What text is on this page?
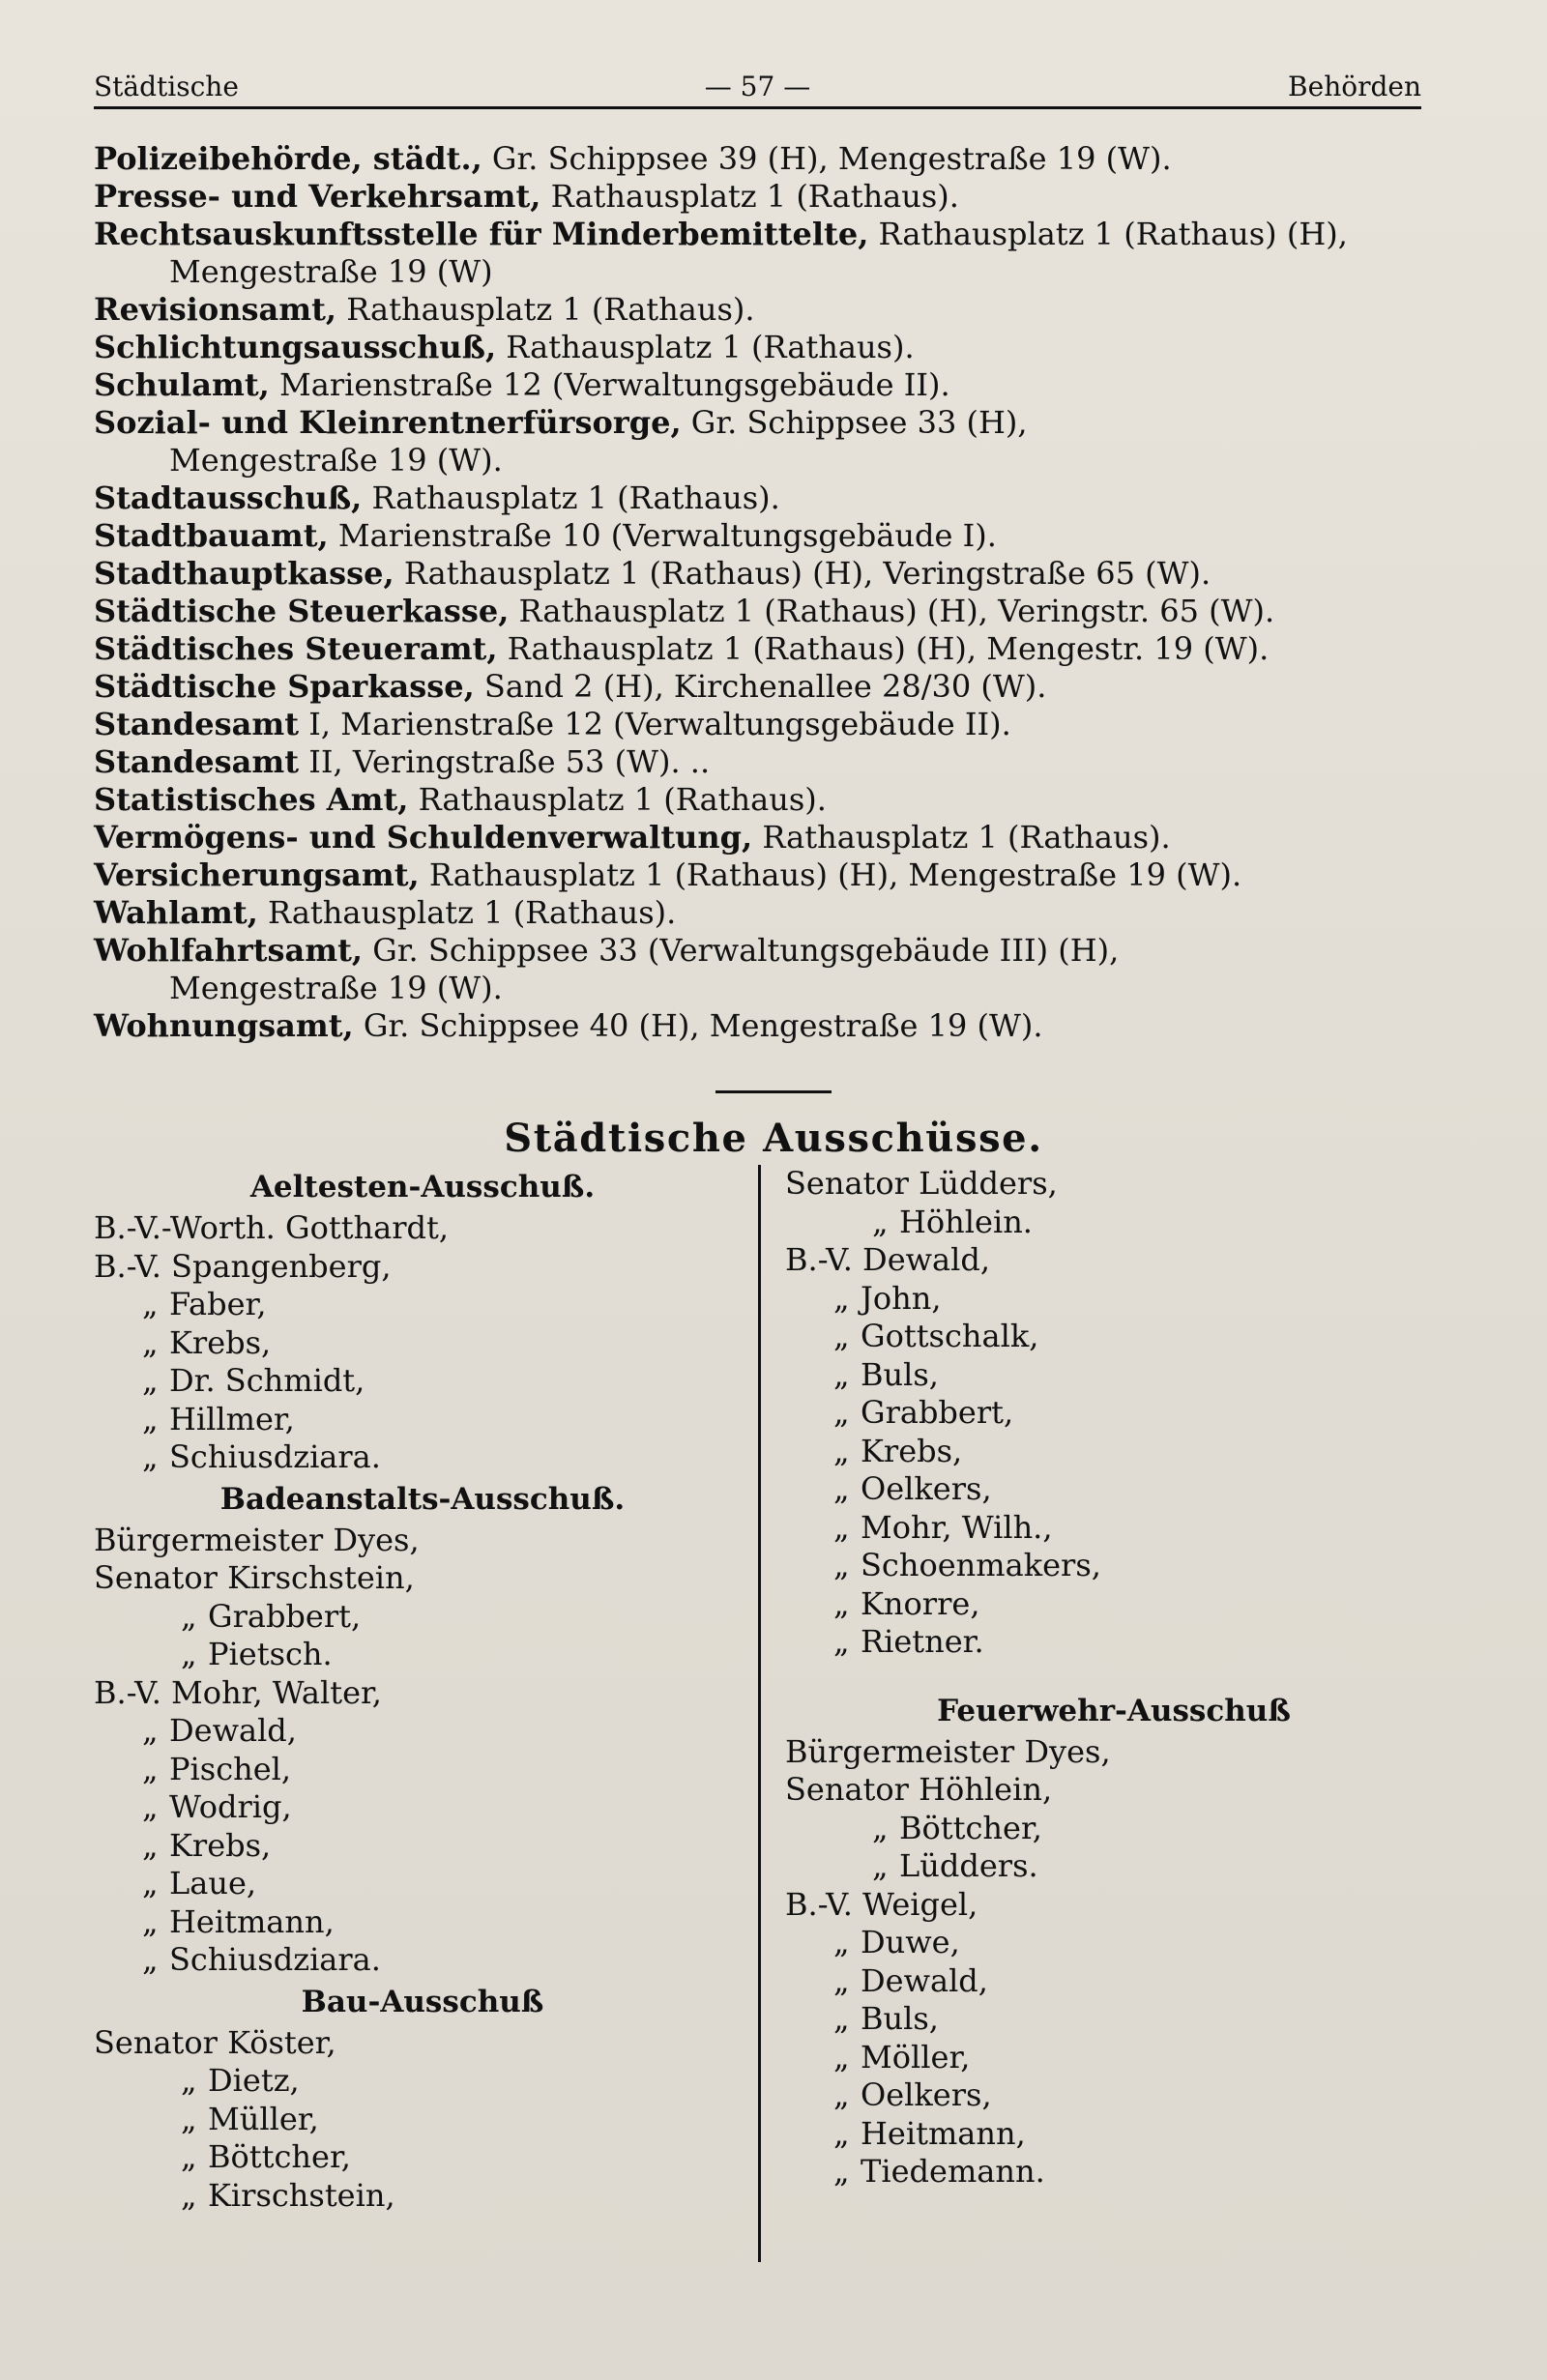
Städtische	— 57 —	Behörden
Polizeibehörde, städt., Gr. Schippsee 39 (H), Mengestraße 19 (W).
Presse- und Verkehrsamt, Rathausplatz 1 (Rathaus).
Rechtsauskunftsstelle für Minderbemittelte, Rathausplatz 1 (Rathaus) (H),
Mengestraße 19 (W)
Revisionsamt, Rathausplatz 1 (Rathaus).
Schlichtungsausschuß, Rathausplatz 1 (Rathaus).
Schulamt, Marienstraße 12 (Verwaltungsgebäude II).
Sozial- und Kleinrentnerfürsorge, Gr. Schippsee 33 (H),
Mengestraße 19 (W).
Stadtausschuß, Rathausplatz 1 (Rathaus).
Stadtbauamt, Marienstraße 10 (Verwaltungsgebäude I).
Stadthauptkasse, Rathausplatz 1 (Rathaus) (H), Veringstraße 65 (W).
Städtische Steuerkasse, Rathausplatz 1 (Rathaus) (H), Veringstr. 65 (W).
Städtisches Steueramt, Rathausplatz 1 (Rathaus) (H), Mengestr. 19 (W).
Städtische Sparkasse, Sand 2 (H), Kirchenallee 28/30 (W).
Standesamt I, Marienstraße 12 (Verwaltungsgebäude II).
Standesamt II, Veringstraße 53 (W). ..
Statistisches Amt, Rathausplatz 1 (Rathaus).
Vermögens- und Schuldenverwaltung, Rathausplatz 1 (Rathaus).
Versicherungsamt, Rathausplatz 1 (Rathaus) (H), Mengestraße 19 (W).
Wahlamt, Rathausplatz 1 (Rathaus).
Wohlfahrtsamt, Gr. Schippsee 33 (Verwaltungsgebäude III) (H),
Mengestraße 19 (W).
Wohnungsamt, Gr. Schippsee 40 (H), Mengestraße 19 (W).
Städtische Ausschüsse.
Aeltesten-Ausschuß.
B.-V.-Worth. Gotthardt,
B.-V. Spangenberg,
„ Faber,
„ Krebs,
„ Dr. Schmidt,
„ Hillmer,
„ Schiusdziara.
Badeanstalts-Ausschuß.
Bürgermeister Dyes,
Senator Kirschstein,
„ Grabbert,
„ Pietsch.
B.-V. Mohr, Walter,
„ Dewald,
„ Pischel,
„ Wodrig,
„ Krebs,
„ Laue,
„ Heitmann,
„ Schiusdziara.
Bau-Ausschuß
Senator Köster,
„ Dietz,
„ Müller,
„ Böttcher,
„ Kirschstein,
Senator Lüdders,
„ Höhlein.
B.-V. Dewald,
„ John,
„ Gottschalk,
„ Buls,
„ Grabbert,
„ Krebs,
„ Oelkers,
„ Mohr, Wilh.,
„ Schoenmakers,
„ Knorre,
„ Rietner.
Feuerwehr-Ausschuß
Bürgermeister Dyes,
Senator Höhlein,
„ Böttcher,
„ Lüdders.
B.-V. Weigel,
„ Duwe,
„ Dewald,
„ Buls,
„ Möller,
„ Oelkers,
„ Heitmann,
„ Tiedemann.
